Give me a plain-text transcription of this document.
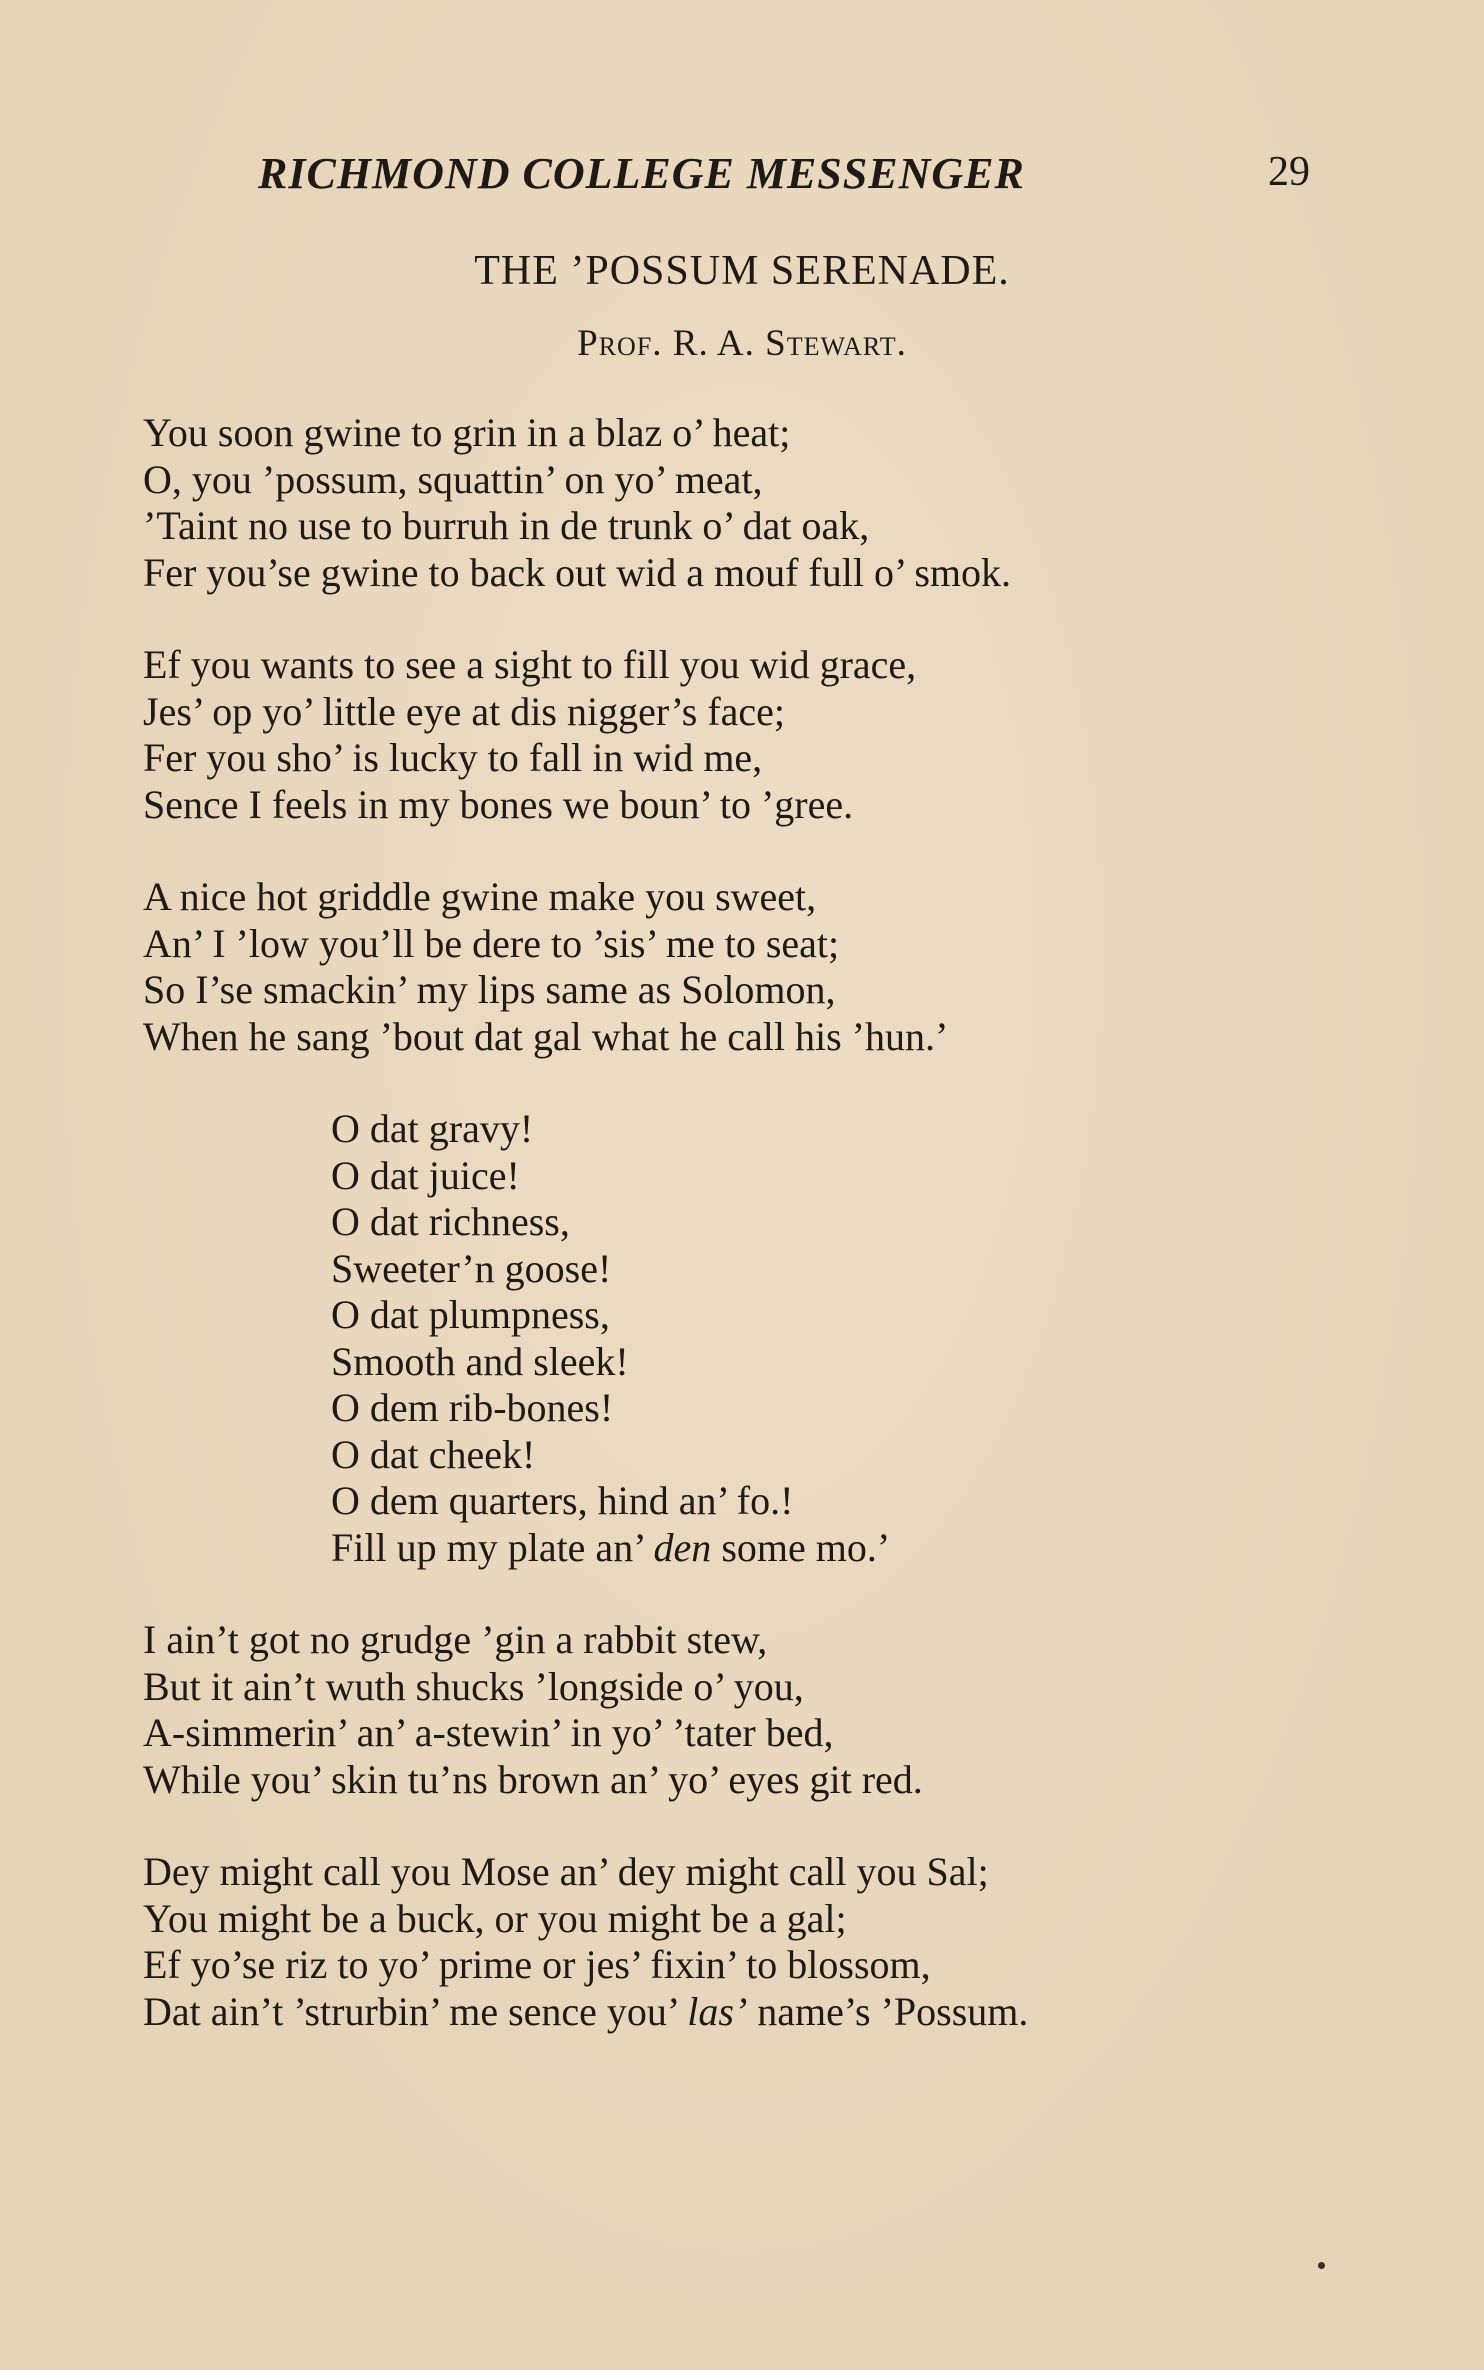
RICHMOND COLLEGE MESSENGER	29
THE ’POSSUM SERENADE.
Prof. R. A. Stewart.
You soon gwine to grin in a blaz o’ heat;
O, you ’possum, squattin’ on yo’ meat,
’Taint no use to burruh in de trunk o’ dat oak,
Fer you’se gwine to back out wid a mouf full o’ smok.
Ef you wants to see a sight to fill you wid grace,
Jes’ op yo’ little eye at dis nigger’s face;
Fer you sho’ is lucky to fall in wid me,
Sence I feels in my bones we boun’ to ’gree.
A nice hot griddle gwine make you sweet,
An’ I ’low you’ll be dere to ’sis’ me to seat;
So I’se smackin’ my lips same as Solomon,
When he sang ’bout dat gal what he call his ’hun.’
O dat gravy!
O dat juice!
O dat richness,
Sweeter’n goose!
O dat plumpness,
Smooth and sleek!
O dem rib-bones!
O dat cheek!
O dem quarters, hind an’ fo.!
Fill up my plate an’ den some mo.’
I ain’t got no grudge ’gin a rabbit stew,
But it ain’t wuth shucks ’longside o’ you,
A-simmerin’ an’ a-stewin’ in yo’ ’tater bed,
While you’ skin tu’ns brown an’ yo’ eyes git red.
Dey might call you Mose an’ dey might call you Sal;
You might be a buck, or you might be a gal;
Ef yo’se riz to yo’ prime or jes’ fixin’ to blossom,
Dat ain’t ’strurbin’ me sence you’ las’ name’s ’Possum.
